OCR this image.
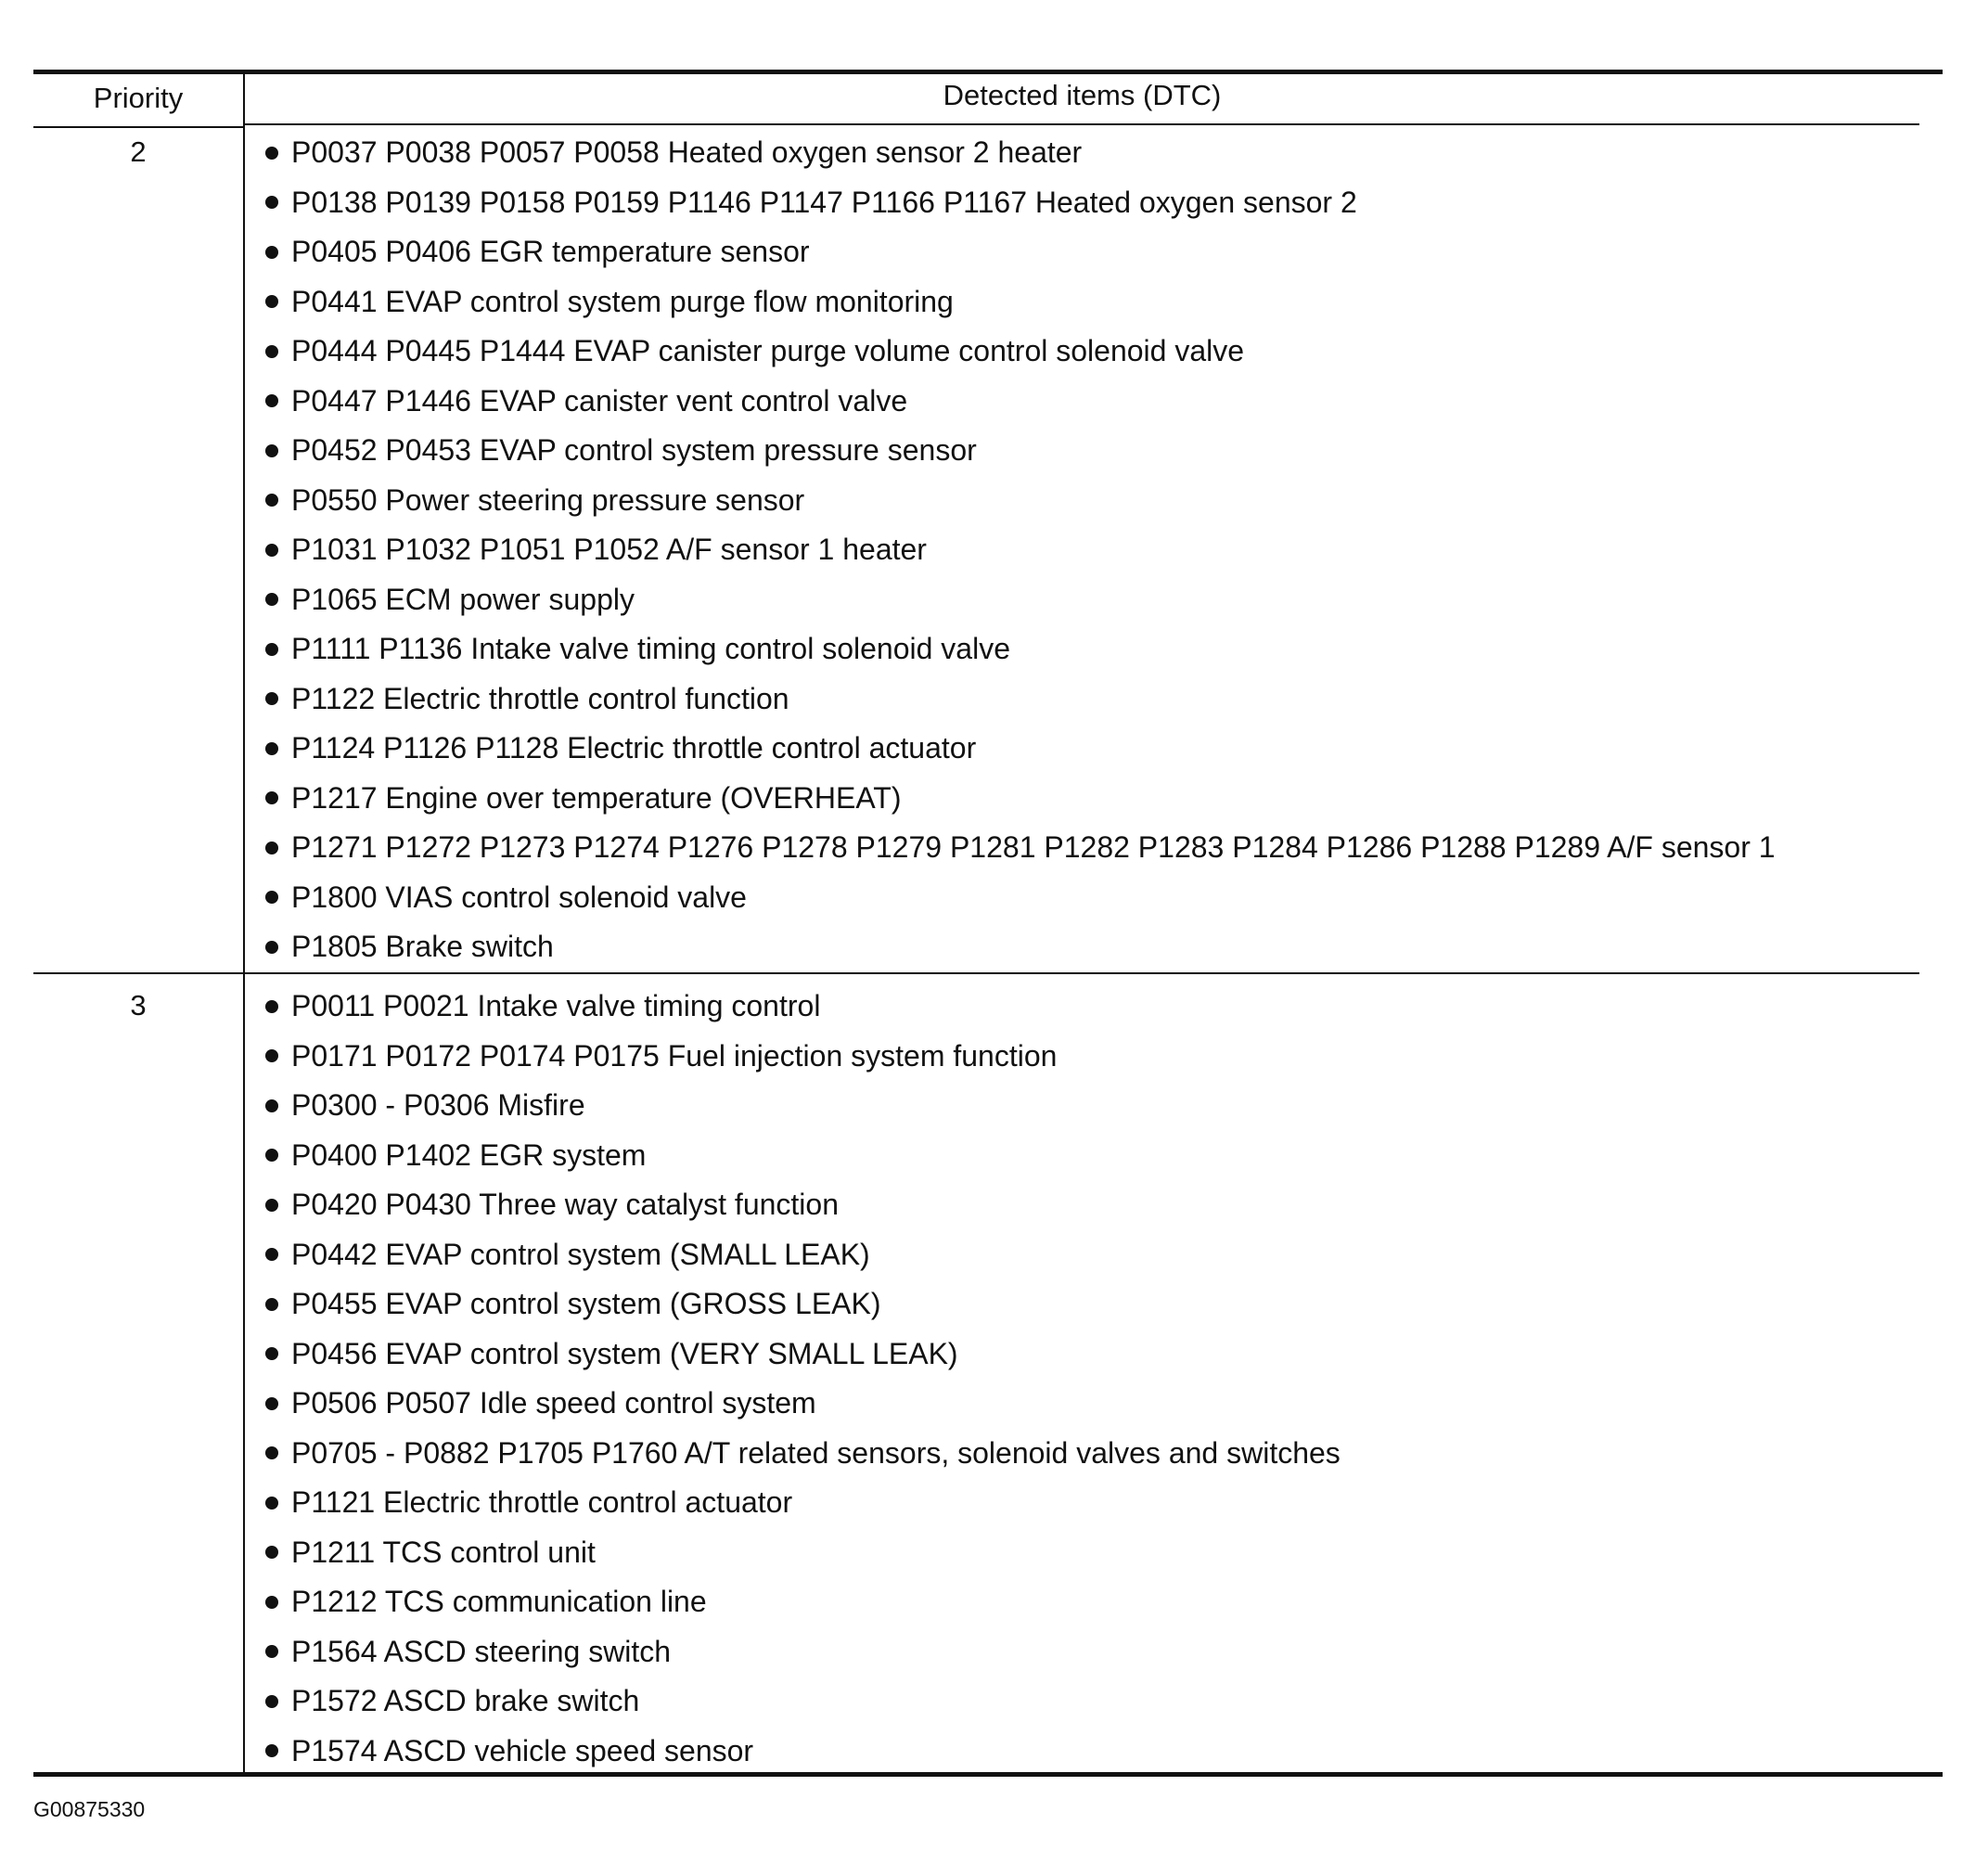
Priority	Detected items (DTC)
2	P0037 P0038 P0057 P0058 Heated oxygen sensor 2 heater
P0138 P0139 P0158 P0159 P1146 P1147 P1166 P1167 Heated oxygen sensor 2
P0405 P0406 EGR temperature sensor
P0441 EVAP control system purge flow monitoring
P0444 P0445 P1444 EVAP canister purge volume control solenoid valve
P0447 P1446 EVAP canister vent control valve
P0452 P0453 EVAP control system pressure sensor
P0550 Power steering pressure sensor
P1031 P1032 P1051 P1052 A/F sensor 1 heater
P1065 ECM power supply
P1111 P1136 Intake valve timing control solenoid valve
P1122 Electric throttle control function
P1124 P1126 P1128 Electric throttle control actuator
P1217 Engine over temperature (OVERHEAT)
P1271 P1272 P1273 P1274 P1276 P1278 P1279 P1281 P1282 P1283 P1284 P1286 P1288 P1289 A/F sensor 1
P1800 VIAS control solenoid valve
P1805 Brake switch
3	P0011 P0021 Intake valve timing control
P0171 P0172 P0174 P0175 Fuel injection system function
P0300 - P0306 Misfire
P0400 P1402 EGR system
P0420 P0430 Three way catalyst function
P0442 EVAP control system (SMALL LEAK)
P0455 EVAP control system (GROSS LEAK)
P0456 EVAP control system (VERY SMALL LEAK)
P0506 P0507 Idle speed control system
P0705 - P0882 P1705 P1760 A/T related sensors, solenoid valves and switches
P1121 Electric throttle control actuator
P1211 TCS control unit
P1212 TCS communication line
P1564 ASCD steering switch
P1572 ASCD brake switch
P1574 ASCD vehicle speed sensor
G00875330
